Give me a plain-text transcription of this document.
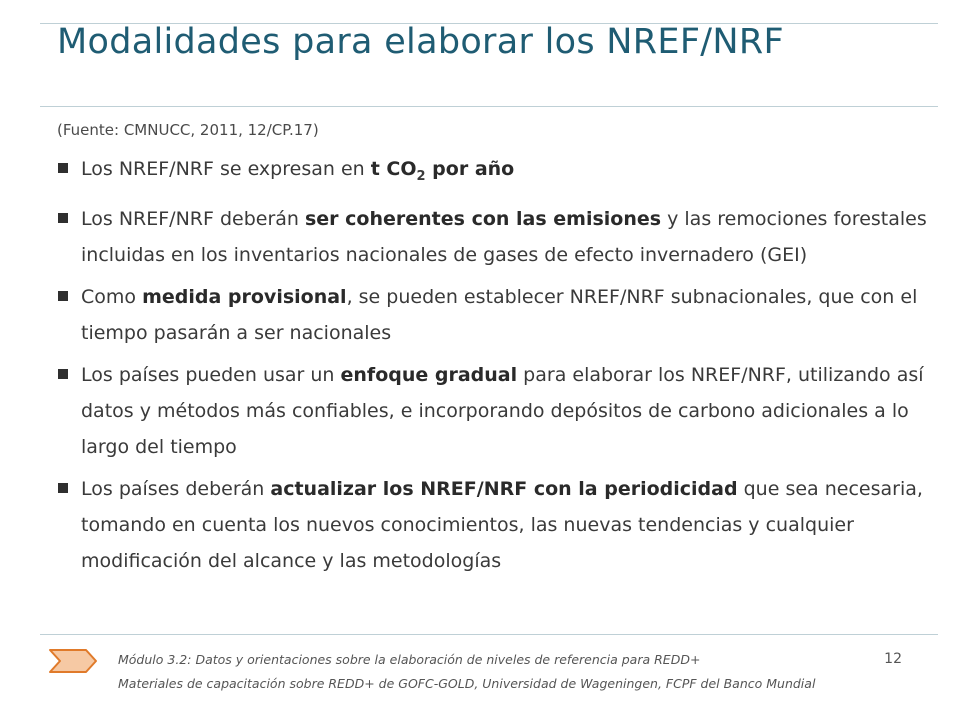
Modalidades para elaborar los NREF/NRF
(Fuente: CMNUCC, 2011, 12/CP.17)
Los NREF/NRF se expresan en t $CO_2$ por año
Los NREF/NRF deberán ser coherentes con las emisiones y las remociones forestales incluidas en los inventarios nacionales de gases de efecto invernadero (GEI)
Como medida provisional, se pueden establecer NREF/NRF subnacionales, que con el tiempo pasarán a ser nacionales
Los países pueden usar un enfoque gradual para elaborar los NREF/NRF, utilizando así datos y métodos más confiables, e incorporando depósitos de carbono adicionales a lo largo del tiempo
Los países deberán actualizar los NREF/NRF con la periodicidad que sea necesaria, tomando en cuenta los nuevos conocimientos, las nuevas tendencias y cualquier modificación del alcance y las metodologías
Módulo 3.2: Datos y orientaciones sobre la elaboración de niveles de referencia para REDD+	12
Materiales de capacitación sobre REDD+ de GOFC-GOLD, Universidad de Wageningen, FCPF del Banco Mundial
